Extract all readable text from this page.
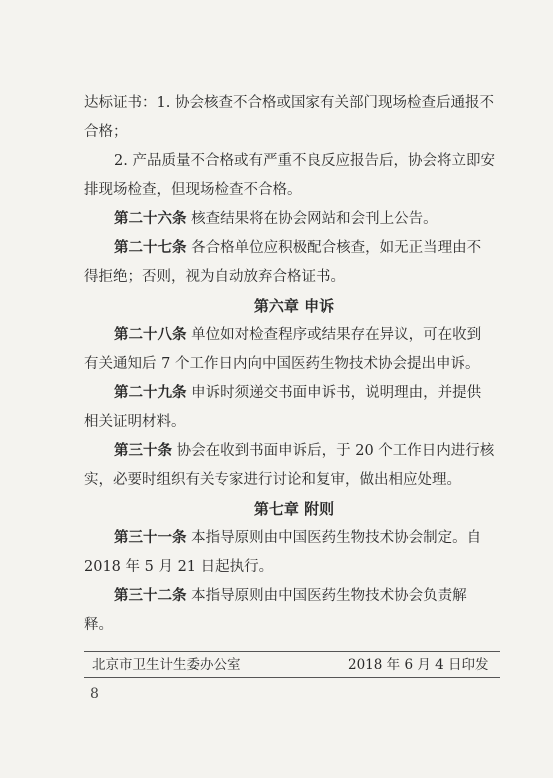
达标证书：1. 协会核查不合格或国家有关部门现场检查后通报不
合格；
2. 产品质量不合格或有严重不良反应报告后，协会将立即安
排现场检查，但现场检查不合格。
第二十六条 核查结果将在协会网站和会刊上公告。
第二十七条 各合格单位应积极配合核查，如无正当理由不
得拒绝；否则，视为自动放弃合格证书。
第六章 申诉
第二十八条 单位如对检查程序或结果存在异议，可在收到
有关通知后 7 个工作日内向中国医药生物技术协会提出申诉。
第二十九条 申诉时须递交书面申诉书，说明理由，并提供
相关证明材料。
第三十条 协会在收到书面申诉后，于 20 个工作日内进行核
实，必要时组织有关专家进行讨论和复审，做出相应处理。
第七章 附则
第三十一条 本指导原则由中国医药生物技术协会制定。自
2018 年 5 月 21 日起执行。
第三十二条 本指导原则由中国医药生物技术协会负责解
释。
北京市卫生计生委办公室	2018 年 6 月 4 日印发
8
